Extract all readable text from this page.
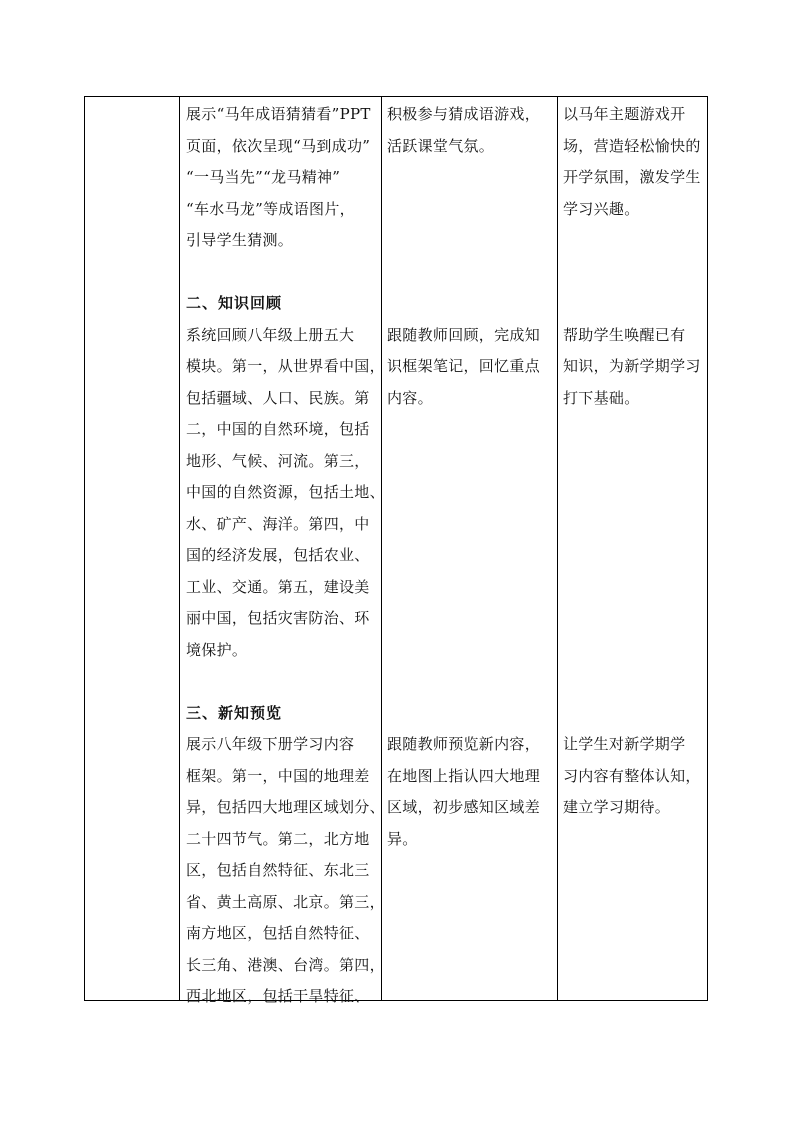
展示“马年成语猜猜看”PPT

页面，依次呈现“马到成功”

“一马当先”“龙马精神”

“车水马龙”等成语图片，

引导学生猜测。

二、知识回顾

系统回顾八年级上册五大

模块。第一，从世界看中国，

包括疆域、人口、民族。第

二，中国的自然环境，包括

地形、气候、河流。第三，

中国的自然资源，包括土地、

水、矿产、海洋。第四，中

国的经济发展，包括农业、

工业、交通。第五，建设美

丽中国，包括灾害防治、环

境保护。

三、新知预览

展示八年级下册学习内容

框架。第一，中国的地理差

异，包括四大地理区域划分、

二十四节气。第二，北方地

区，包括自然特征、东北三

省、黄土高原、北京。第三，

南方地区，包括自然特征、

长三角、港澳、台湾。第四，

西北地区，包括干旱特征、

积极参与猜成语游戏，

活跃课堂气氛。

跟随教师回顾，完成知

识框架笔记，回忆重点

内容。

跟随教师预览新内容，

在地图上指认四大地理

区域，初步感知区域差

异。

以马年主题游戏开

场，营造轻松愉快的

开学氛围，激发学生

学习兴趣。

帮助学生唤醒已有

知识，为新学期学习

打下基础。

让学生对新学期学

习内容有整体认知，

建立学习期待。
